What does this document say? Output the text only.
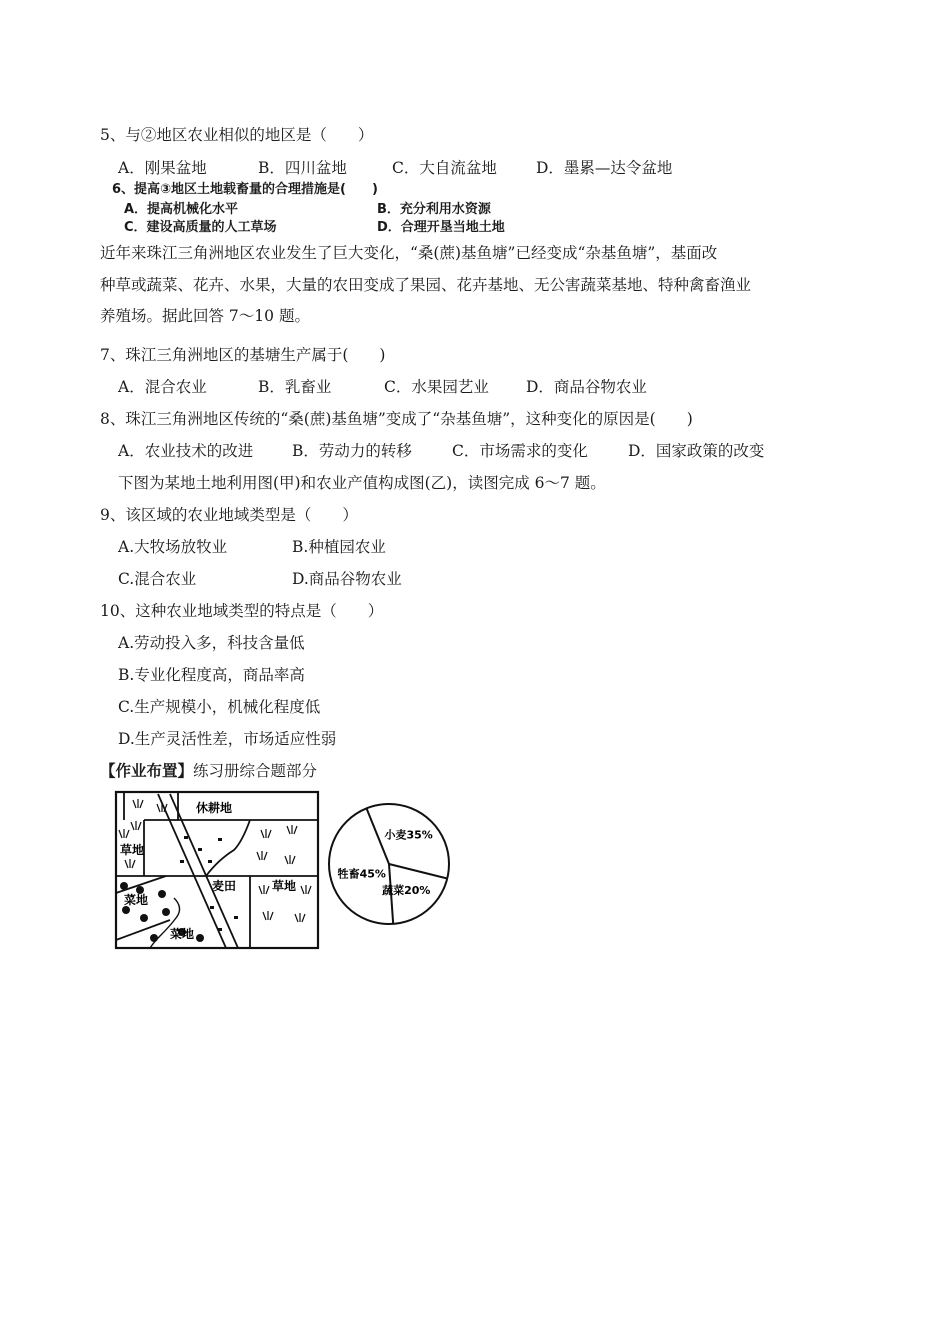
5、与②地区农业相似的地区是（　　）
A．刚果盆地	B．四川盆地	C．大自流盆地	D．墨累—达令盆地
6、提高③地区土地载畜量的合理措施是(　　)
A．提高机械化水平	B．充分利用水资源
C．建设高质量的人工草场	D．合理开垦当地土地
近年来珠江三角洲地区农业发生了巨大变化，“桑(蔗)基鱼塘”已经变成“杂基鱼塘”，基面改
种草或蔬菜、花卉、水果，大量的农田变成了果园、花卉基地、无公害蔬菜基地、特种禽畜渔业
养殖场。据此回答 7～10 题。
7、珠江三角洲地区的基塘生产属于(　　)
A．混合农业	B．乳畜业	C．水果园艺业 D．商品谷物农业
8、珠江三角洲地区传统的“桑(蔗)基鱼塘”变成了“杂基鱼塘”，这种变化的原因是(　　)
A．农业技术的改进	B．劳动力的转移	C．市场需求的变化	D．国家政策的改变
下图为某地土地利用图(甲)和农业产值构成图(乙)，读图完成 6～7 题。
9、该区域的农业地域类型是（　　）
A.大牧场放牧业	B.种植园农业
C.混合农业	D.商品谷物农业
10、这种农业地域类型的特点是（　　）
A.劳动投入多，科技含量低
B.专业化程度高，商品率高
C.生产规模小，机械化程度低
D.生产灵活性差，市场适应性弱
【作业布置】练习册综合题部分
休耕地
草地
菜地
菜地
麦田	草地
牲畜45%
小麦35%
蔬菜20%
